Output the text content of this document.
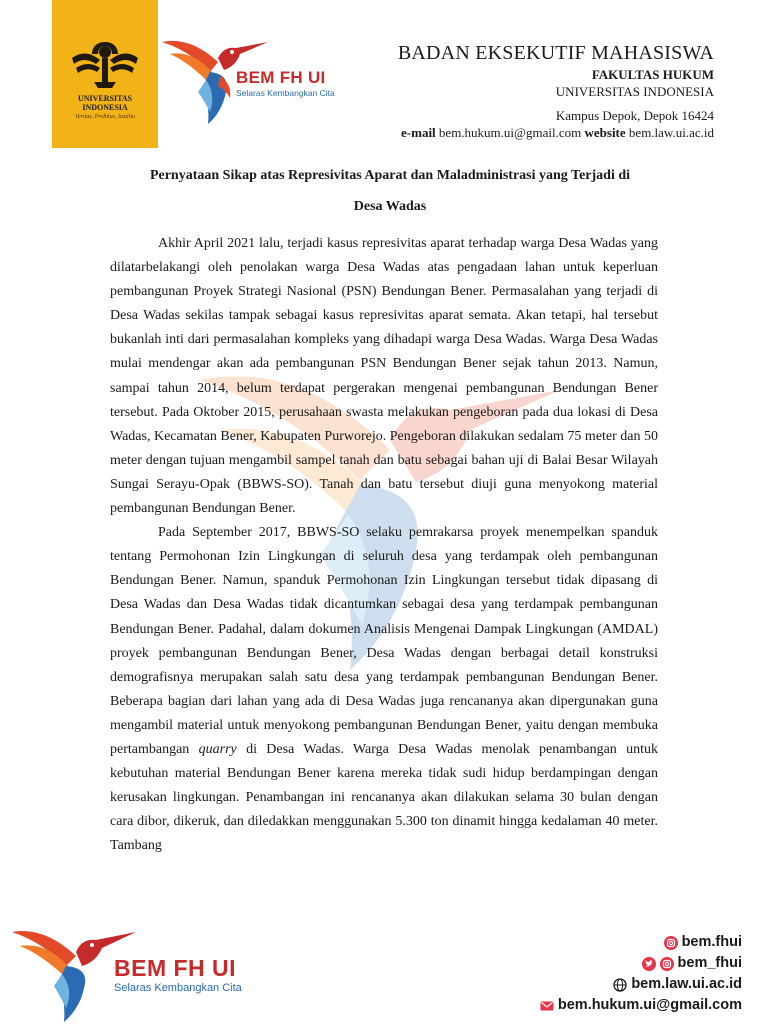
UNIVERSITAS
INDONESIA
Veritas, Probitas, Iustitia
BEM FH UI
Selaras Kembangkan Cita
BADAN EKSEKUTIF MAHASISWA
FAKULTAS HUKUM
UNIVERSITAS INDONESIA
Kampus Depok, Depok 16424
e-mail bem.hukum.ui@gmail.com website bem.law.ui.ac.id
Pernyataan Sikap atas Represivitas Aparat dan Maladministrasi yang Terjadi di
Desa Wadas

Akhir April 2021 lalu, terjadi kasus represivitas aparat terhadap warga Desa Wadas yang dilatarbelakangi oleh penolakan warga Desa Wadas atas pengadaan lahan untuk keperluan pembangunan Proyek Strategi Nasional (PSN) Bendungan Bener. Permasalahan yang terjadi di Desa Wadas sekilas tampak sebagai kasus represivitas aparat semata. Akan tetapi, hal tersebut bukanlah inti dari permasalahan kompleks yang dihadapi warga Desa Wadas. Warga Desa Wadas mulai mendengar akan ada pembangunan PSN Bendungan Bener sejak tahun 2013. Namun, sampai tahun 2014, belum terdapat pergerakan mengenai pembangunan Bendungan Bener tersebut. Pada Oktober 2015, perusahaan swasta melakukan pengeboran pada dua lokasi di Desa Wadas, Kecamatan Bener, Kabupaten Purworejo. Pengeboran dilakukan sedalam 75 meter dan 50 meter dengan tujuan mengambil sampel tanah dan batu sebagai bahan uji di Balai Besar Wilayah Sungai Serayu-Opak (BBWS-SO). Tanah dan batu tersebut diuji guna menyokong material pembangunan Bendungan Bener.

Pada September 2017, BBWS-SO selaku pemrakarsa proyek menempelkan spanduk tentang Permohonan Izin Lingkungan di seluruh desa yang terdampak oleh pembangunan Bendungan Bener. Namun, spanduk Permohonan Izin Lingkungan tersebut tidak dipasang di Desa Wadas dan Desa Wadas tidak dicantumkan sebagai desa yang terdampak pembangunan Bendungan Bener. Padahal, dalam dokumen Analisis Mengenai Dampak Lingkungan (AMDAL) proyek pembangunan Bendungan Bener, Desa Wadas dengan berbagai detail konstruksi demografisnya merupakan salah satu desa yang terdampak pembangunan Bendungan Bener. Beberapa bagian dari lahan yang ada di Desa Wadas juga rencananya akan dipergunakan guna mengambil material untuk menyokong pembangunan Bendungan Bener, yaitu dengan membuka pertambangan quarry di Desa Wadas. Warga Desa Wadas menolak penambangan untuk kebutuhan material Bendungan Bener karena mereka tidak sudi hidup berdampingan dengan kerusakan lingkungan. Penambangan ini rencananya akan dilakukan selama 30 bulan dengan cara dibor, dikeruk, dan diledakkan menggunakan 5.300 ton dinamit hingga kedalaman 40 meter. Tambang

BEM FH UI
Selaras Kembangkan Cita
bem.fhui
bem_fhui
bem.law.ui.ac.id
bem.hukum.ui@gmail.com
